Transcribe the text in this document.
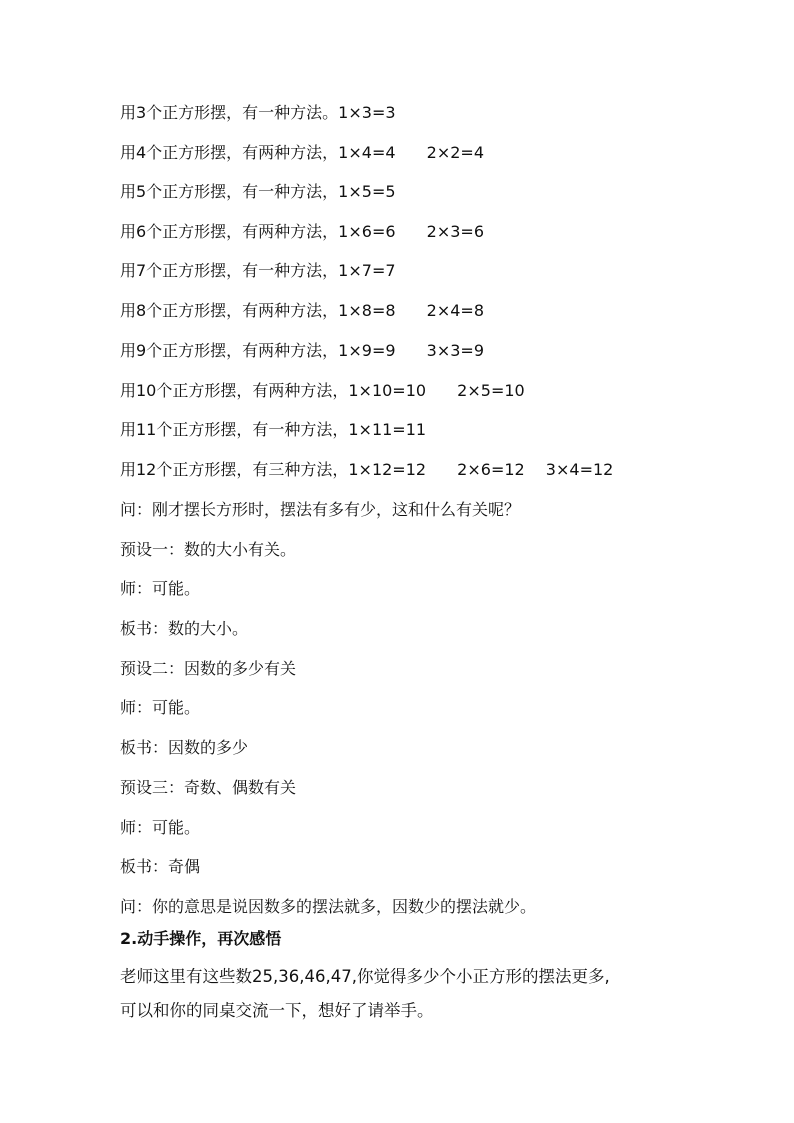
用3个正方形摆，有一种方法。1×3=3
用4个正方形摆，有两种方法，1×4=4 2×2=4
用5个正方形摆，有一种方法，1×5=5
用6个正方形摆，有两种方法，1×6=6 2×3=6
用7个正方形摆，有一种方法，1×7=7
用8个正方形摆，有两种方法，1×8=8 2×4=8
用9个正方形摆，有两种方法，1×9=9 3×3=9
用10个正方形摆，有两种方法，1×10=10 2×5=10
用11个正方形摆，有一种方法，1×11=11
用12个正方形摆，有三种方法，1×12=12 2×6=12 3×4=12
问：刚才摆长方形时，摆法有多有少，这和什么有关呢？
预设一：数的大小有关。
师：可能。
板书：数的大小。
预设二：因数的多少有关
师：可能。
板书：因数的多少
预设三：奇数、偶数有关
师：可能。
板书：奇偶
问：你的意思是说因数多的摆法就多，因数少的摆法就少。
2.动手操作，再次感悟
老师这里有这些数25,36,46,47,你觉得多少个小正方形的摆法更多,
可以和你的同桌交流一下，想好了请举手。
